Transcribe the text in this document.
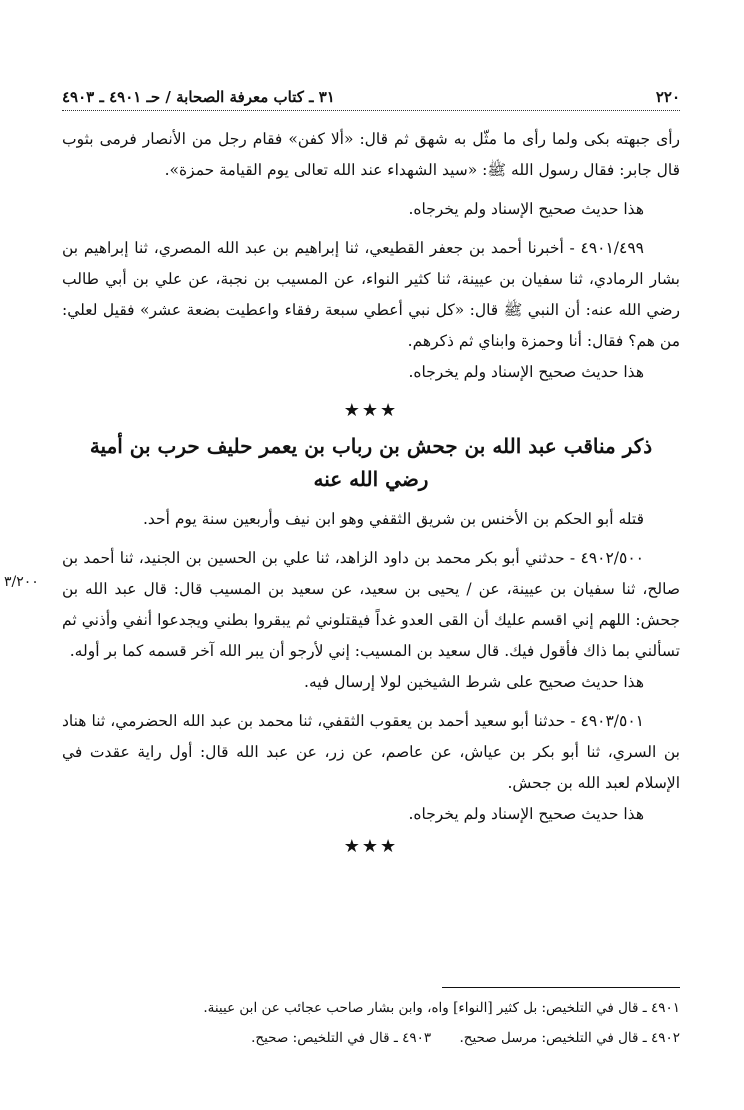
٢٢٠
٣١ ـ كتاب معرفة الصحابة / حـ ٤٩٠١ ـ ٤٩٠٣

رأى جبهته بكى ولما رأى ما مثّل به شهق ثم قال: «ألا كفن» فقام رجل من الأنصار فرمى بثوب قال جابر: فقال رسول الله ﷺ: «سيد الشهداء عند الله تعالى يوم القيامة حمزة».

هذا حديث صحيح الإسناد ولم يخرجاه.

٤٩٠١/٤٩٩ - أخبرنا أحمد بن جعفر القطيعي، ثنا إبراهيم بن عبد الله المصري، ثنا إبراهيم بن بشار الرمادي، ثنا سفيان بن عيينة، ثنا كثير النواء، عن المسيب بن نجبة، عن علي بن أبي طالب رضي الله عنه: أن النبي ﷺ قال: «كل نبي أعطي سبعة رفقاء واعطيت بضعة عشر» فقيل لعلي: من هم؟ فقال: أنا وحمزة وابناي ثم ذكرهم.

هذا حديث صحيح الإسناد ولم يخرجاه.

★★★
ذكر مناقب عبد الله بن جحش بن رباب بن يعمر حليف حرب بن أمية
رضي الله عنه

قتله أبو الحكم بن الأخنس بن شريق الثقفي وهو ابن نيف وأربعين سنة يوم أحد.

٣/٢٠٠

٤٩٠٢/٥٠٠ - حدثني أبو بكر محمد بن داود الزاهد، ثنا علي بن الحسين بن الجنيد، ثنا أحمد بن صالح، ثنا سفيان بن عيينة، عن / يحيى بن سعيد، عن سعيد بن المسيب قال: قال عبد الله بن جحش: اللهم إني اقسم عليك أن القى العدو غداً فيقتلوني ثم يبقروا بطني ويجدعوا أنفي وأذني ثم تسألني بما ذاك فأقول فيك. قال سعيد بن المسيب: إني لأرجو أن يبر الله آخر قسمه كما بر أوله.

هذا حديث صحيح على شرط الشيخين لولا إرسال فيه.

٤٩٠٣/٥٠١ - حدثنا أبو سعيد أحمد بن يعقوب الثقفي، ثنا محمد بن عبد الله الحضرمي، ثنا هناد بن السري، ثنا أبو بكر بن عياش، عن عاصم، عن زر، عن عبد الله قال: أول راية عقدت في الإسلام لعبد الله بن جحش.

هذا حديث صحيح الإسناد ولم يخرجاه.

★★★
٤٩٠١ ـ قال في التلخيص: بل كثير [النواء] واه، وابن بشار صاحب عجائب عن ابن عيينة.
٤٩٠٢ ـ قال في التلخيص: مرسل صحيح. ٤٩٠٣ ـ قال في التلخيص: صحيح.
